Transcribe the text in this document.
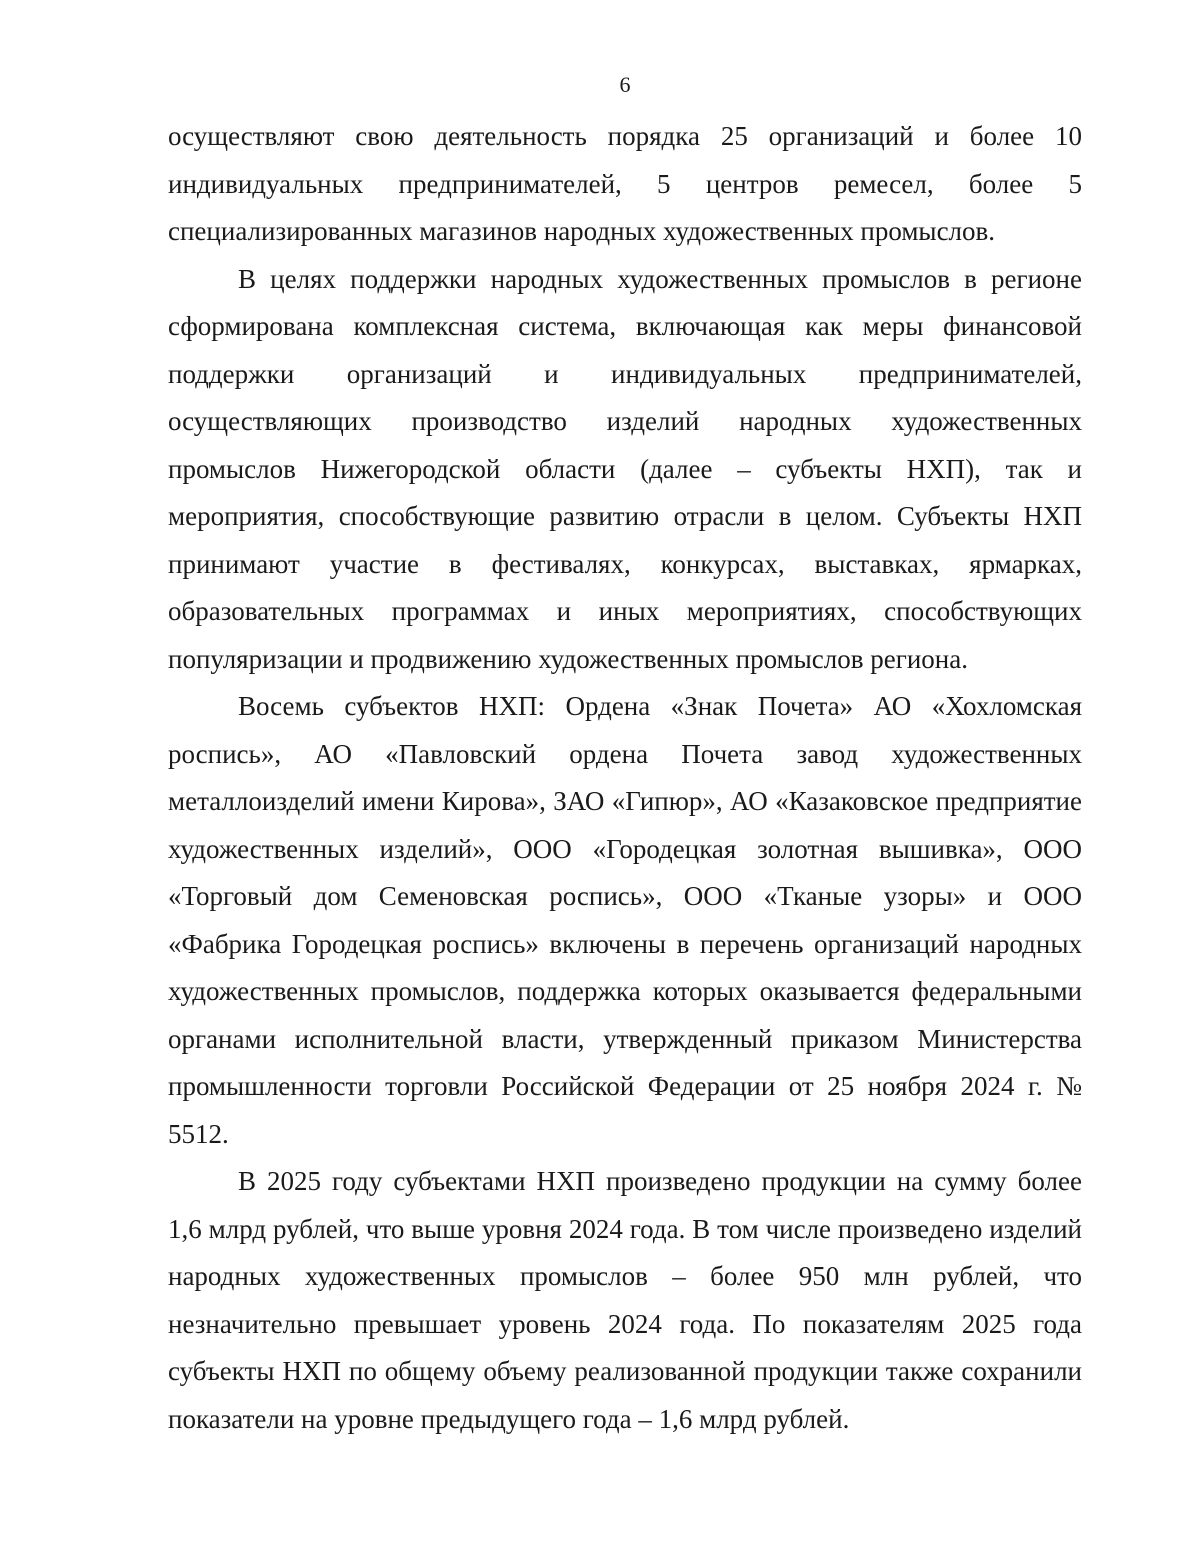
6

осуществляют свою деятельность порядка 25 организаций и более 10 индивидуальных предпринимателей, 5 центров ремесел, более 5 специализированных магазинов народных художественных промыслов.

В целях поддержки народных художественных промыслов в регионе сформирована комплексная система, включающая как меры финансовой поддержки организаций и индивидуальных предпринимателей, осуществляющих производство изделий народных художественных промыслов Нижегородской области (далее – субъекты НХП), так и мероприятия, способствующие развитию отрасли в целом. Субъекты НХП принимают участие в фестивалях, конкурсах, выставках, ярмарках, образовательных программах и иных мероприятиях, способствующих популяризации и продвижению художественных промыслов региона.

Восемь субъектов НХП: Ордена «Знак Почета» АО «Хохломская роспись», АО «Павловский ордена Почета завод художественных металлоизделий имени Кирова», ЗАО «Гипюр», АО «Казаковское предприятие художественных изделий», ООО «Городецкая золотная вышивка», ООО «Торговый дом Семеновская роспись», ООО «Тканые узоры» и ООО «Фабрика Городецкая роспись» включены в перечень организаций народных художественных промыслов, поддержка которых оказывается федеральными органами исполнительной власти, утвержденный приказом Министерства промышленности торговли Российской Федерации от 25 ноября 2024 г. № 5512.

В 2025 году субъектами НХП произведено продукции на сумму более 1,6 млрд рублей, что выше уровня 2024 года. В том числе произведено изделий народных художественных промыслов – более 950 млн рублей, что незначительно превышает уровень 2024 года. По показателям 2025 года субъекты НХП по общему объему реализованной продукции также сохранили показатели на уровне предыдущего года – 1,6 млрд рублей.
